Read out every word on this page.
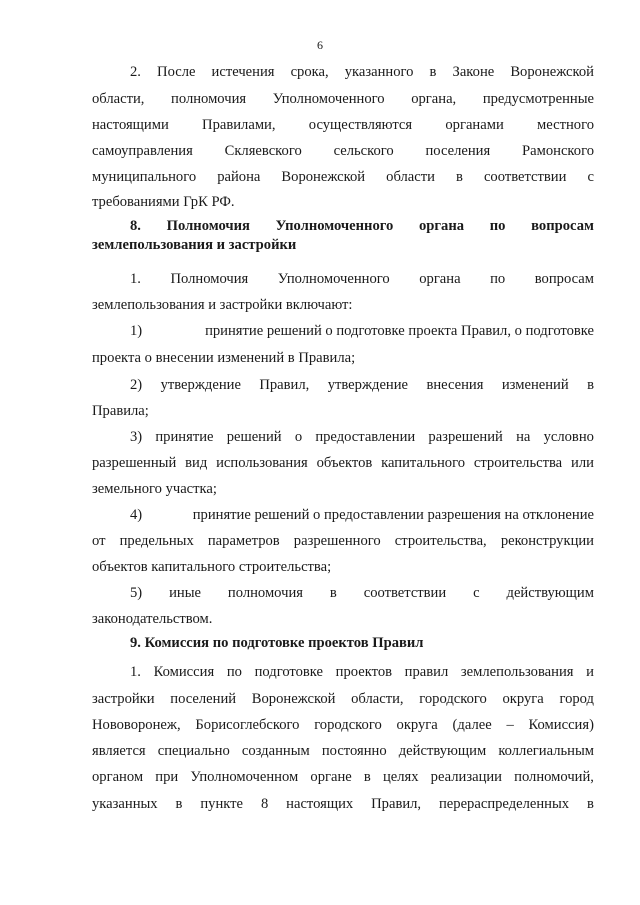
6
2. После истечения срока, указанного в Законе Воронежской
области, полномочия Уполномоченного органа, предусмотренные
настоящими Правилами, осуществляются органами местного
самоуправления Скляевского сельского поселения Рамонского
муниципального района Воронежской области в соответствии с
требованиями ГрК РФ.
8. Полномочия Уполномоченного органа по вопросам
землепользования и застройки
1. Полномочия Уполномоченного органа по вопросам
землепользования и застройки включают:
1)	принятие решений о подготовке проекта Правил, о подготовке
проекта о внесении изменений в Правила;
2) утверждение Правил, утверждение внесения изменений в
Правила;
3) принятие решений о предоставлении разрешений на условно
разрешенный вид использования объектов капитального строительства или
земельного участка;
4)	принятие решений о предоставлении разрешения на отклонение
от предельных параметров разрешенного строительства, реконструкции
объектов капитального строительства;
5) иные полномочия в соответствии с действующим
законодательством.
9. Комиссия по подготовке проектов Правил
1. Комиссия по подготовке проектов правил землепользования и
застройки поселений Воронежской области, городского округа город
Нововоронеж, Борисоглебского городского округа (далее – Комиссия)
является специально созданным постоянно действующим коллегиальным
органом при Уполномоченном органе в целях реализации полномочий,
указанных в пункте 8 настоящих Правил, перераспределенных в
